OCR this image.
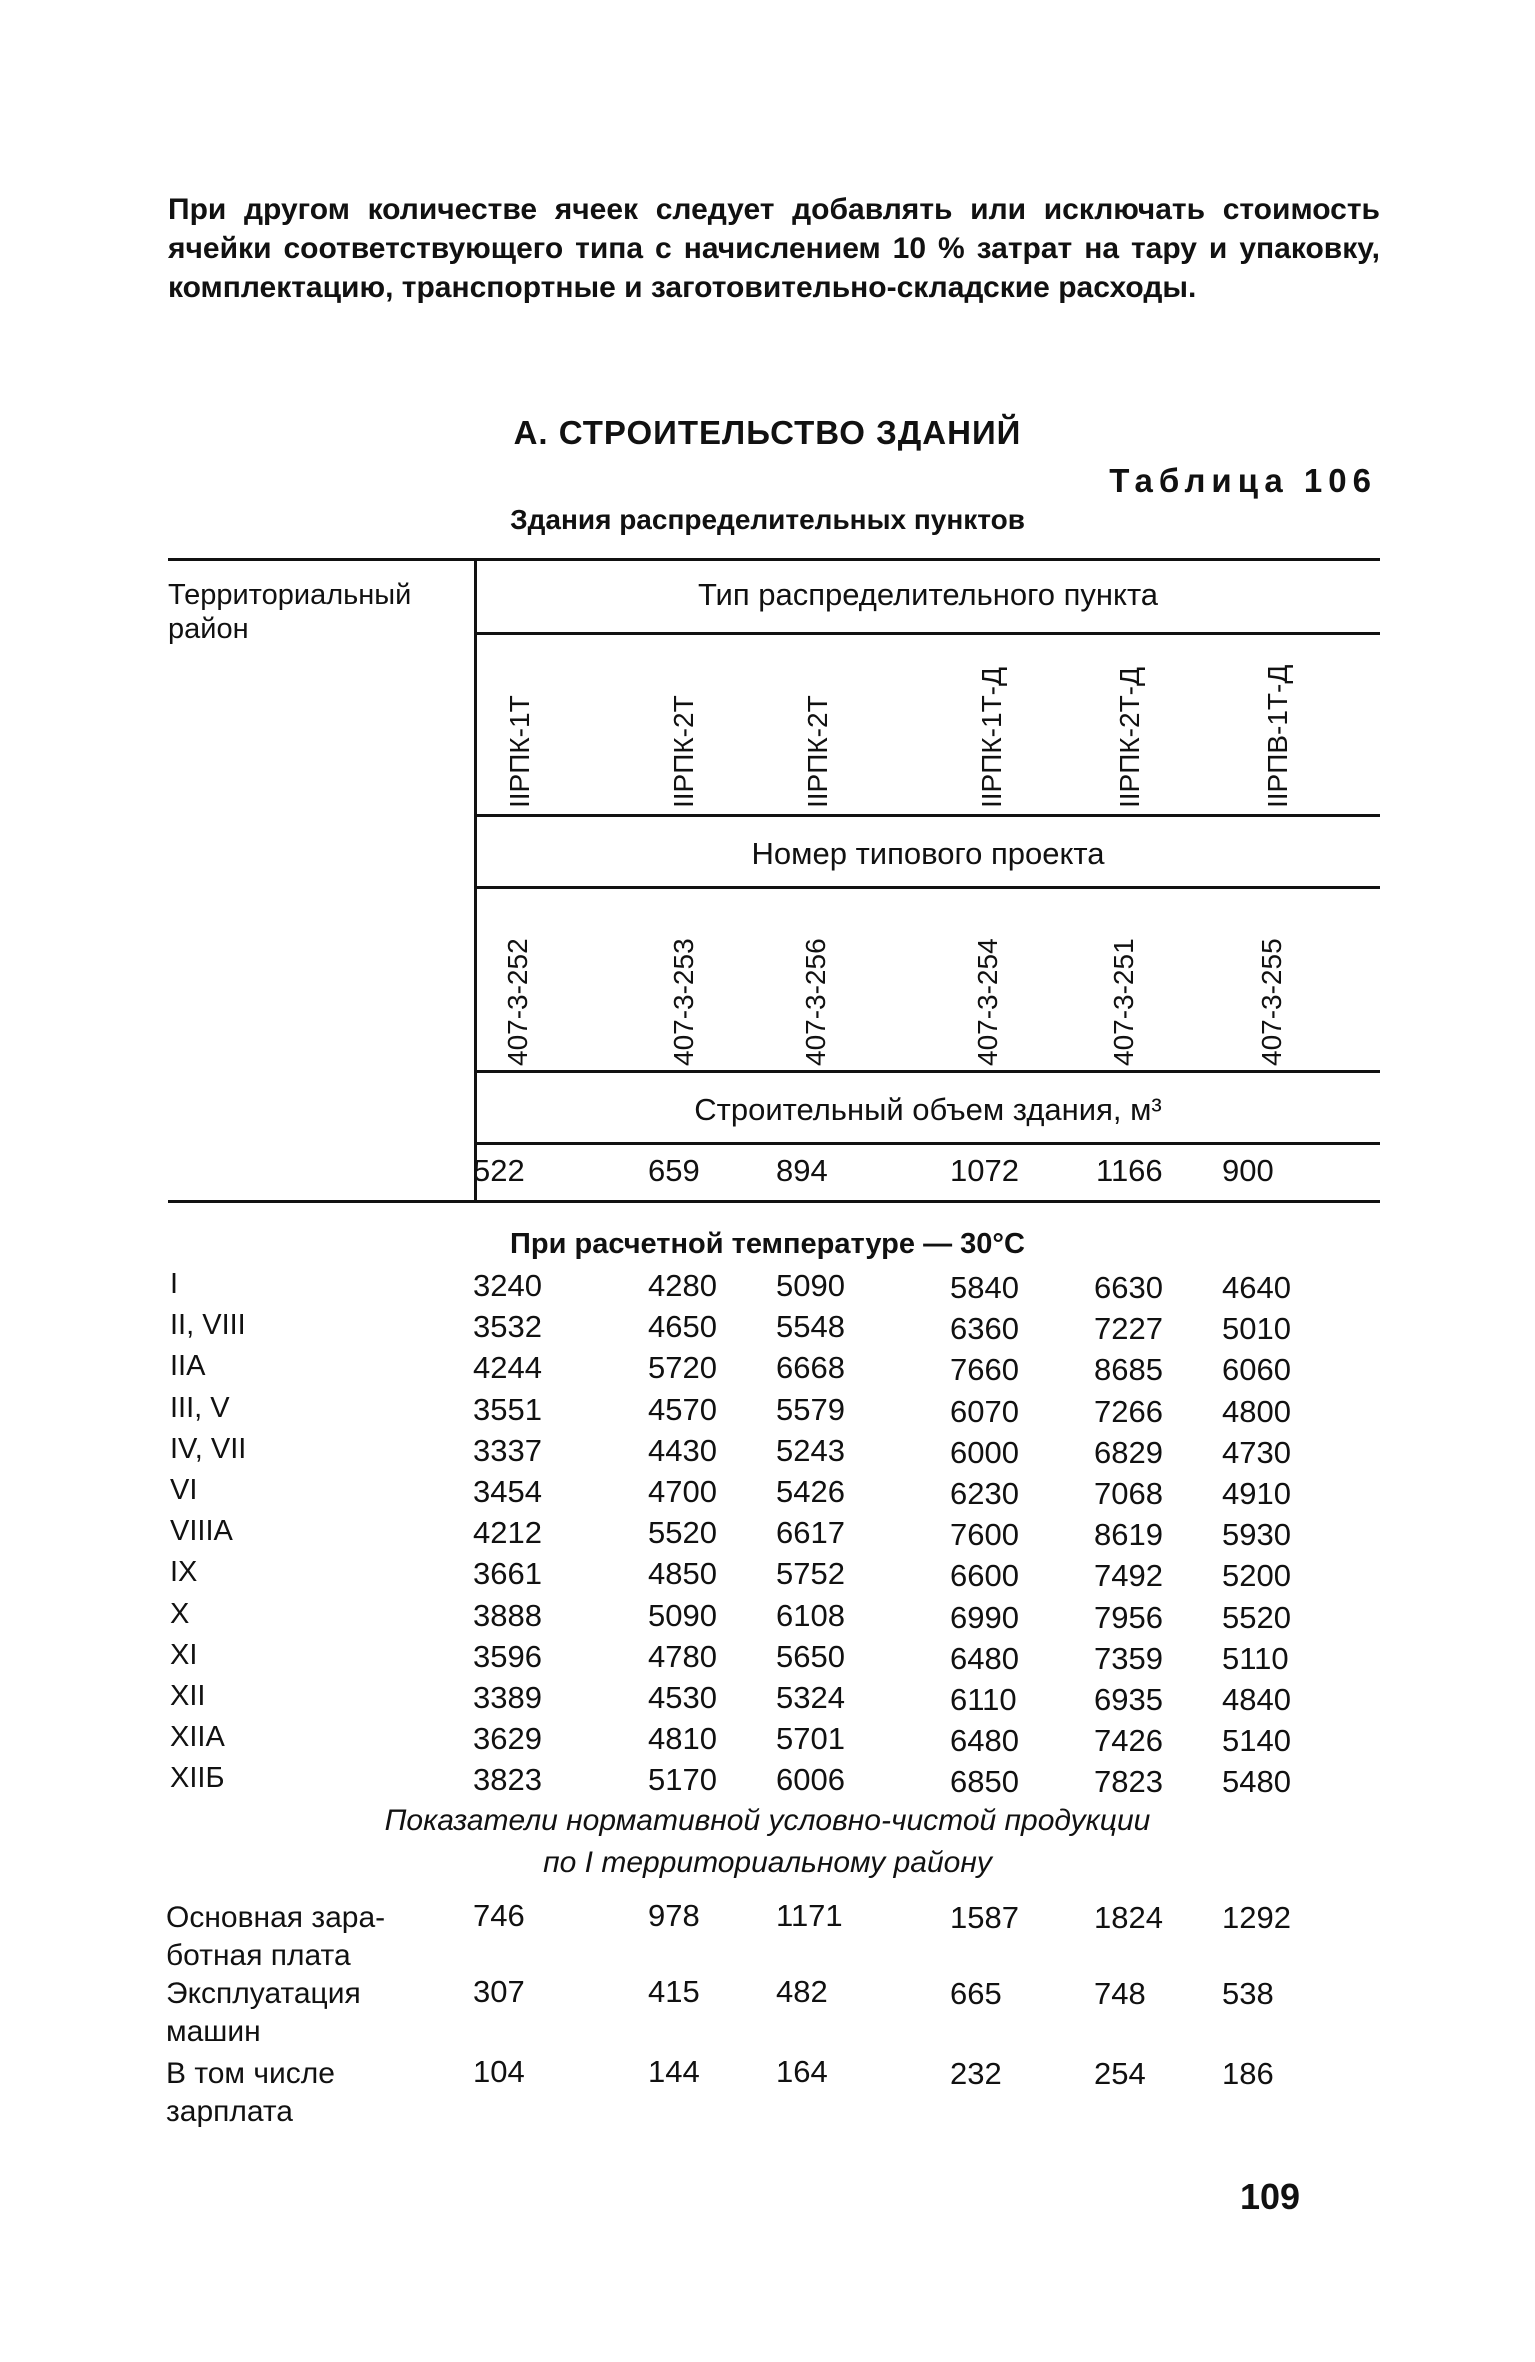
При другом количестве ячеек следует добавлять или исключать стоимость ячейки соответствующего типа с начислением 10 % затрат на тару и упаковку, комплектацию, транспортные и заготовительно-складские расходы.

А. СТРОИТЕЛЬСТВО ЗДАНИЙ
Таблица 106
Здания распределительных пунктов
Территориальный район
Тип распределительного пункта
IIРПК-1Т	IIРПК-2Т	IIРПК-2Т	IIРПК-1Т-Д	IIРПК-2Т-Д	IIРПВ-1Т-Д
Номер типового проекта
407-3-252	407-3-253	407-3-256	407-3-254	407-3-251	407-3-255
Строительный объем здания, м³
522	659 894	1072 1166 900
При расчетной температуре — 30°С
I	3240	4280 5090	5840 6630 4640
II, VIII	3532	4650 5548	6360 7227 5010
IIA	4244	5720 6668	7660 8685 6060
III, V	3551	4570 5579	6070 7266 4800
IV, VII	3337	4430 5243	6000 6829 4730
VI	3454	4700 5426	6230 7068 4910
VIIIA	4212	5520 6617	7600 8619 5930
IX	3661	4850 5752	6600 7492 5200
X	3888	5090 6108	6990 7956 5520
XI	3596	4780 5650	6480 7359 5110
XII	3389	4530 5324	6110 6935 4840
XIIA	3629	4810 5701	6480 7426 5140
XIIБ	3823	5170 6006	6850 7823 5480
Показатели нормативной условно-чистой продукции
по I территориальному району
Основная зара-
ботная плата
746	978 1171	1587 1824 1292
Эксплуатация
машин
307	415 482	665	748 538
В том числе
зарплата
104	144 164	232	254 186
109
